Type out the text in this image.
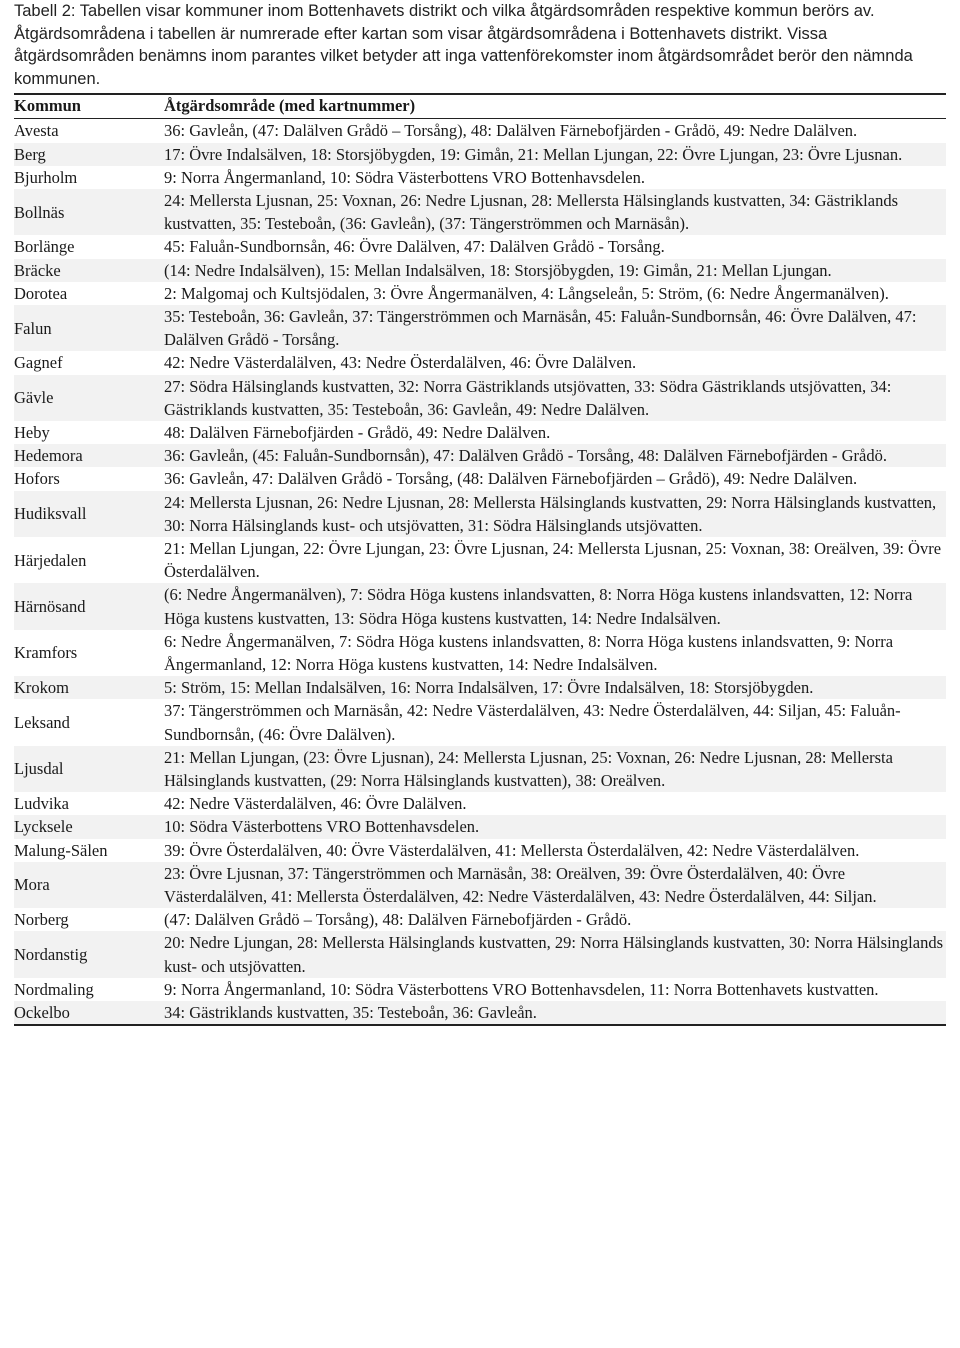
Tabell 2: Tabellen visar kommuner inom Bottenhavets distrikt och vilka åtgärdsområden respektive kommun berörs av. Åtgärdsområdena i tabellen är numrerade efter kartan som visar åtgärdsområdena i Bottenhavets distrikt. Vissa åtgärdsområden benämns inom parantes vilket betyder att inga vattenförekomster inom åtgärdsområdet berör den nämnda kommunen.

Kommun	Åtgärdsområde (med kartnummer)
Avesta	36: Gavleån, (47: Dalälven Grådö – Torsång), 48: Dalälven Färnebofjärden - Grådö, 49: Nedre Dalälven.
Berg	17: Övre Indalsälven, 18: Storsjöbygden, 19: Gimån, 21: Mellan Ljungan, 22: Övre Ljungan, 23: Övre Ljusnan.
Bjurholm	9: Norra Ångermanland, 10: Södra Västerbottens VRO Bottenhavsdelen.
Bollnäs	24: Mellersta Ljusnan, 25: Voxnan, 26: Nedre Ljusnan, 28: Mellersta Hälsinglands kustvatten, 34: Gästriklands kustvatten, 35: Testeboån, (36: Gavleån), (37: Tängerströmmen och Marnäsån).
Borlänge	45: Faluån-Sundbornsån, 46: Övre Dalälven, 47: Dalälven Grådö - Torsång.
Bräcke	(14: Nedre Indalsälven), 15: Mellan Indalsälven, 18: Storsjöbygden, 19: Gimån, 21: Mellan Ljungan.
Dorotea	2: Malgomaj och Kultsjödalen, 3: Övre Ångermanälven, 4: Långseleån, 5: Ström, (6: Nedre Ångermanälven).
Falun	35: Testeboån, 36: Gavleån, 37: Tängerströmmen och Marnäsån, 45: Faluån-Sundbornsån, 46: Övre Dalälven, 47: Dalälven Grådö - Torsång.
Gagnef	42: Nedre Västerdalälven, 43: Nedre Österdalälven, 46: Övre Dalälven.
Gävle	27: Södra Hälsinglands kustvatten, 32: Norra Gästriklands utsjövatten, 33: Södra Gästriklands utsjövatten, 34: Gästriklands kustvatten, 35: Testeboån, 36: Gavleån, 49: Nedre Dalälven.
Heby	48: Dalälven Färnebofjärden - Grådö, 49: Nedre Dalälven.
Hedemora	36: Gavleån, (45: Faluån-Sundbornsån), 47: Dalälven Grådö - Torsång, 48: Dalälven Färnebofjärden - Grådö.
Hofors	36: Gavleån, 47: Dalälven Grådö - Torsång, (48: Dalälven Färnebofjärden – Grådö), 49: Nedre Dalälven.
Hudiksvall	24: Mellersta Ljusnan, 26: Nedre Ljusnan, 28: Mellersta Hälsinglands kustvatten, 29: Norra Hälsinglands kustvatten, 30: Norra Hälsinglands kust- och utsjövatten, 31: Södra Hälsinglands utsjövatten.
Härjedalen	21: Mellan Ljungan, 22: Övre Ljungan, 23: Övre Ljusnan, 24: Mellersta Ljusnan, 25: Voxnan, 38: Oreälven, 39: Övre Österdalälven.
Härnösand	(6: Nedre Ångermanälven), 7: Södra Höga kustens inlandsvatten, 8: Norra Höga kustens inlandsvatten, 12: Norra Höga kustens kustvatten, 13: Södra Höga kustens kustvatten, 14: Nedre Indalsälven.
Kramfors	6: Nedre Ångermanälven, 7: Södra Höga kustens inlandsvatten, 8: Norra Höga kustens inlandsvatten, 9: Norra Ångermanland, 12: Norra Höga kustens kustvatten, 14: Nedre Indalsälven.
Krokom	5: Ström, 15: Mellan Indalsälven, 16: Norra Indalsälven, 17: Övre Indalsälven, 18: Storsjöbygden.
Leksand	37: Tängerströmmen och Marnäsån, 42: Nedre Västerdalälven, 43: Nedre Österdalälven, 44: Siljan, 45: Faluån-Sundbornsån, (46: Övre Dalälven).
Ljusdal	21: Mellan Ljungan, (23: Övre Ljusnan), 24: Mellersta Ljusnan, 25: Voxnan, 26: Nedre Ljusnan, 28: Mellersta Hälsinglands kustvatten, (29: Norra Hälsinglands kustvatten), 38: Oreälven.
Ludvika	42: Nedre Västerdalälven, 46: Övre Dalälven.
Lycksele	10: Södra Västerbottens VRO Bottenhavsdelen.
Malung-Sälen	39: Övre Österdalälven, 40: Övre Västerdalälven, 41: Mellersta Österdalälven, 42: Nedre Västerdalälven.
Mora	23: Övre Ljusnan, 37: Tängerströmmen och Marnäsån, 38: Oreälven, 39: Övre Österdalälven, 40: Övre Västerdalälven, 41: Mellersta Österdalälven, 42: Nedre Västerdalälven, 43: Nedre Österdalälven, 44: Siljan.
Norberg	(47: Dalälven Grådö – Torsång), 48: Dalälven Färnebofjärden - Grådö.
Nordanstig	20: Nedre Ljungan, 28: Mellersta Hälsinglands kustvatten, 29: Norra Hälsinglands kustvatten, 30: Norra Hälsinglands kust- och utsjövatten.
Nordmaling	9: Norra Ångermanland, 10: Södra Västerbottens VRO Bottenhavsdelen, 11: Norra Bottenhavets kustvatten.
Ockelbo	34: Gästriklands kustvatten, 35: Testeboån, 36: Gavleån.
